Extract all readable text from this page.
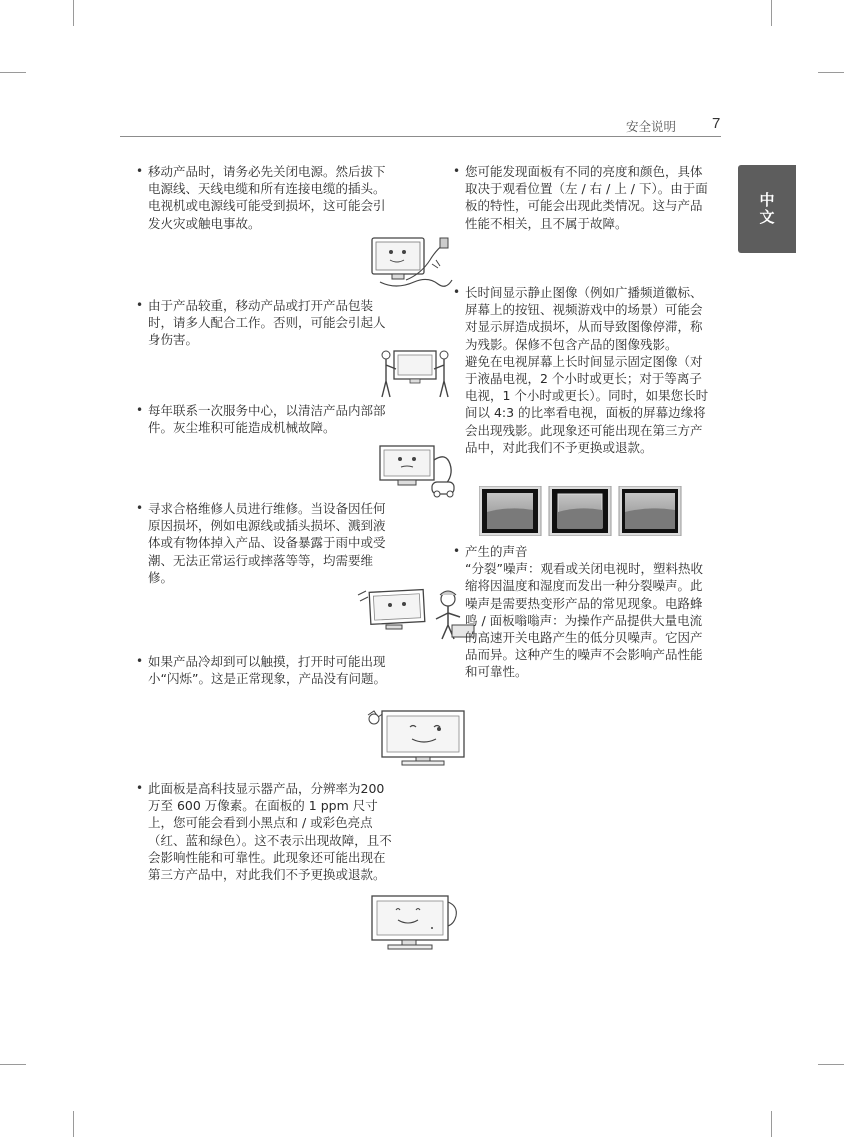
安全说明 7
中文
• 移动产品时，请务必先关闭电源。然后拔下电源线、天线电缆和所有连接电缆的插头。电视机或电源线可能受到损坏，这可能会引发火灾或触电事故。

• 由于产品较重，移动产品或打开产品包装时，请多人配合工作。否则，可能会引起人身伤害。

• 每年联系一次服务中心，以清洁产品内部部件。灰尘堆积可能造成机械故障。

• 寻求合格维修人员进行维修。当设备因任何原因损坏，例如电源线或插头损坏、溅到液体或有物体掉入产品、设备暴露于雨中或受潮、无法正常运行或摔落等等，均需要维修。

• 如果产品冷却到可以触摸，打开时可能出现小“闪烁”。这是正常现象，产品没有问题。

• 此面板是高科技显示器产品，分辨率为200 万至 600 万像素。在面板的 1 ppm 尺寸上，您可能会看到小黑点和 / 或彩色亮点（红、蓝和绿色）。这不表示出现故障，且不会影响性能和可靠性。此现象还可能出现在第三方产品中，对此我们不予更换或退款。

• 您可能发现面板有不同的亮度和颜色，具体取决于观看位置（左 / 右 / 上 / 下）。由于面板的特性，可能会出现此类情况。这与产品性能不相关，且不属于故障。

• 长时间显示静止图像（例如广播频道徽标、屏幕上的按钮、视频游戏中的场景）可能会对显示屏造成损坏，从而导致图像停滞，称为残影。保修不包含产品的图像残影。
避免在电视屏幕上长时间显示固定图像（对于液晶电视，2 个小时或更长；对于等离子电视，1 个小时或更长）。同时，如果您长时间以 4:3 的比率看电视，面板的屏幕边缘将会出现残影。此现象还可能出现在第三方产品中，对此我们不予更换或退款。

• 产生的声音
“分裂”噪声：观看或关闭电视时，塑料热收缩将因温度和湿度而发出一种分裂噪声。此噪声是需要热变形产品的常见现象。电路蜂鸣 / 面板嗡嗡声：为操作产品提供大量电流的高速开关电路产生的低分贝噪声。它因产品而异。这种产生的噪声不会影响产品性能和可靠性。
